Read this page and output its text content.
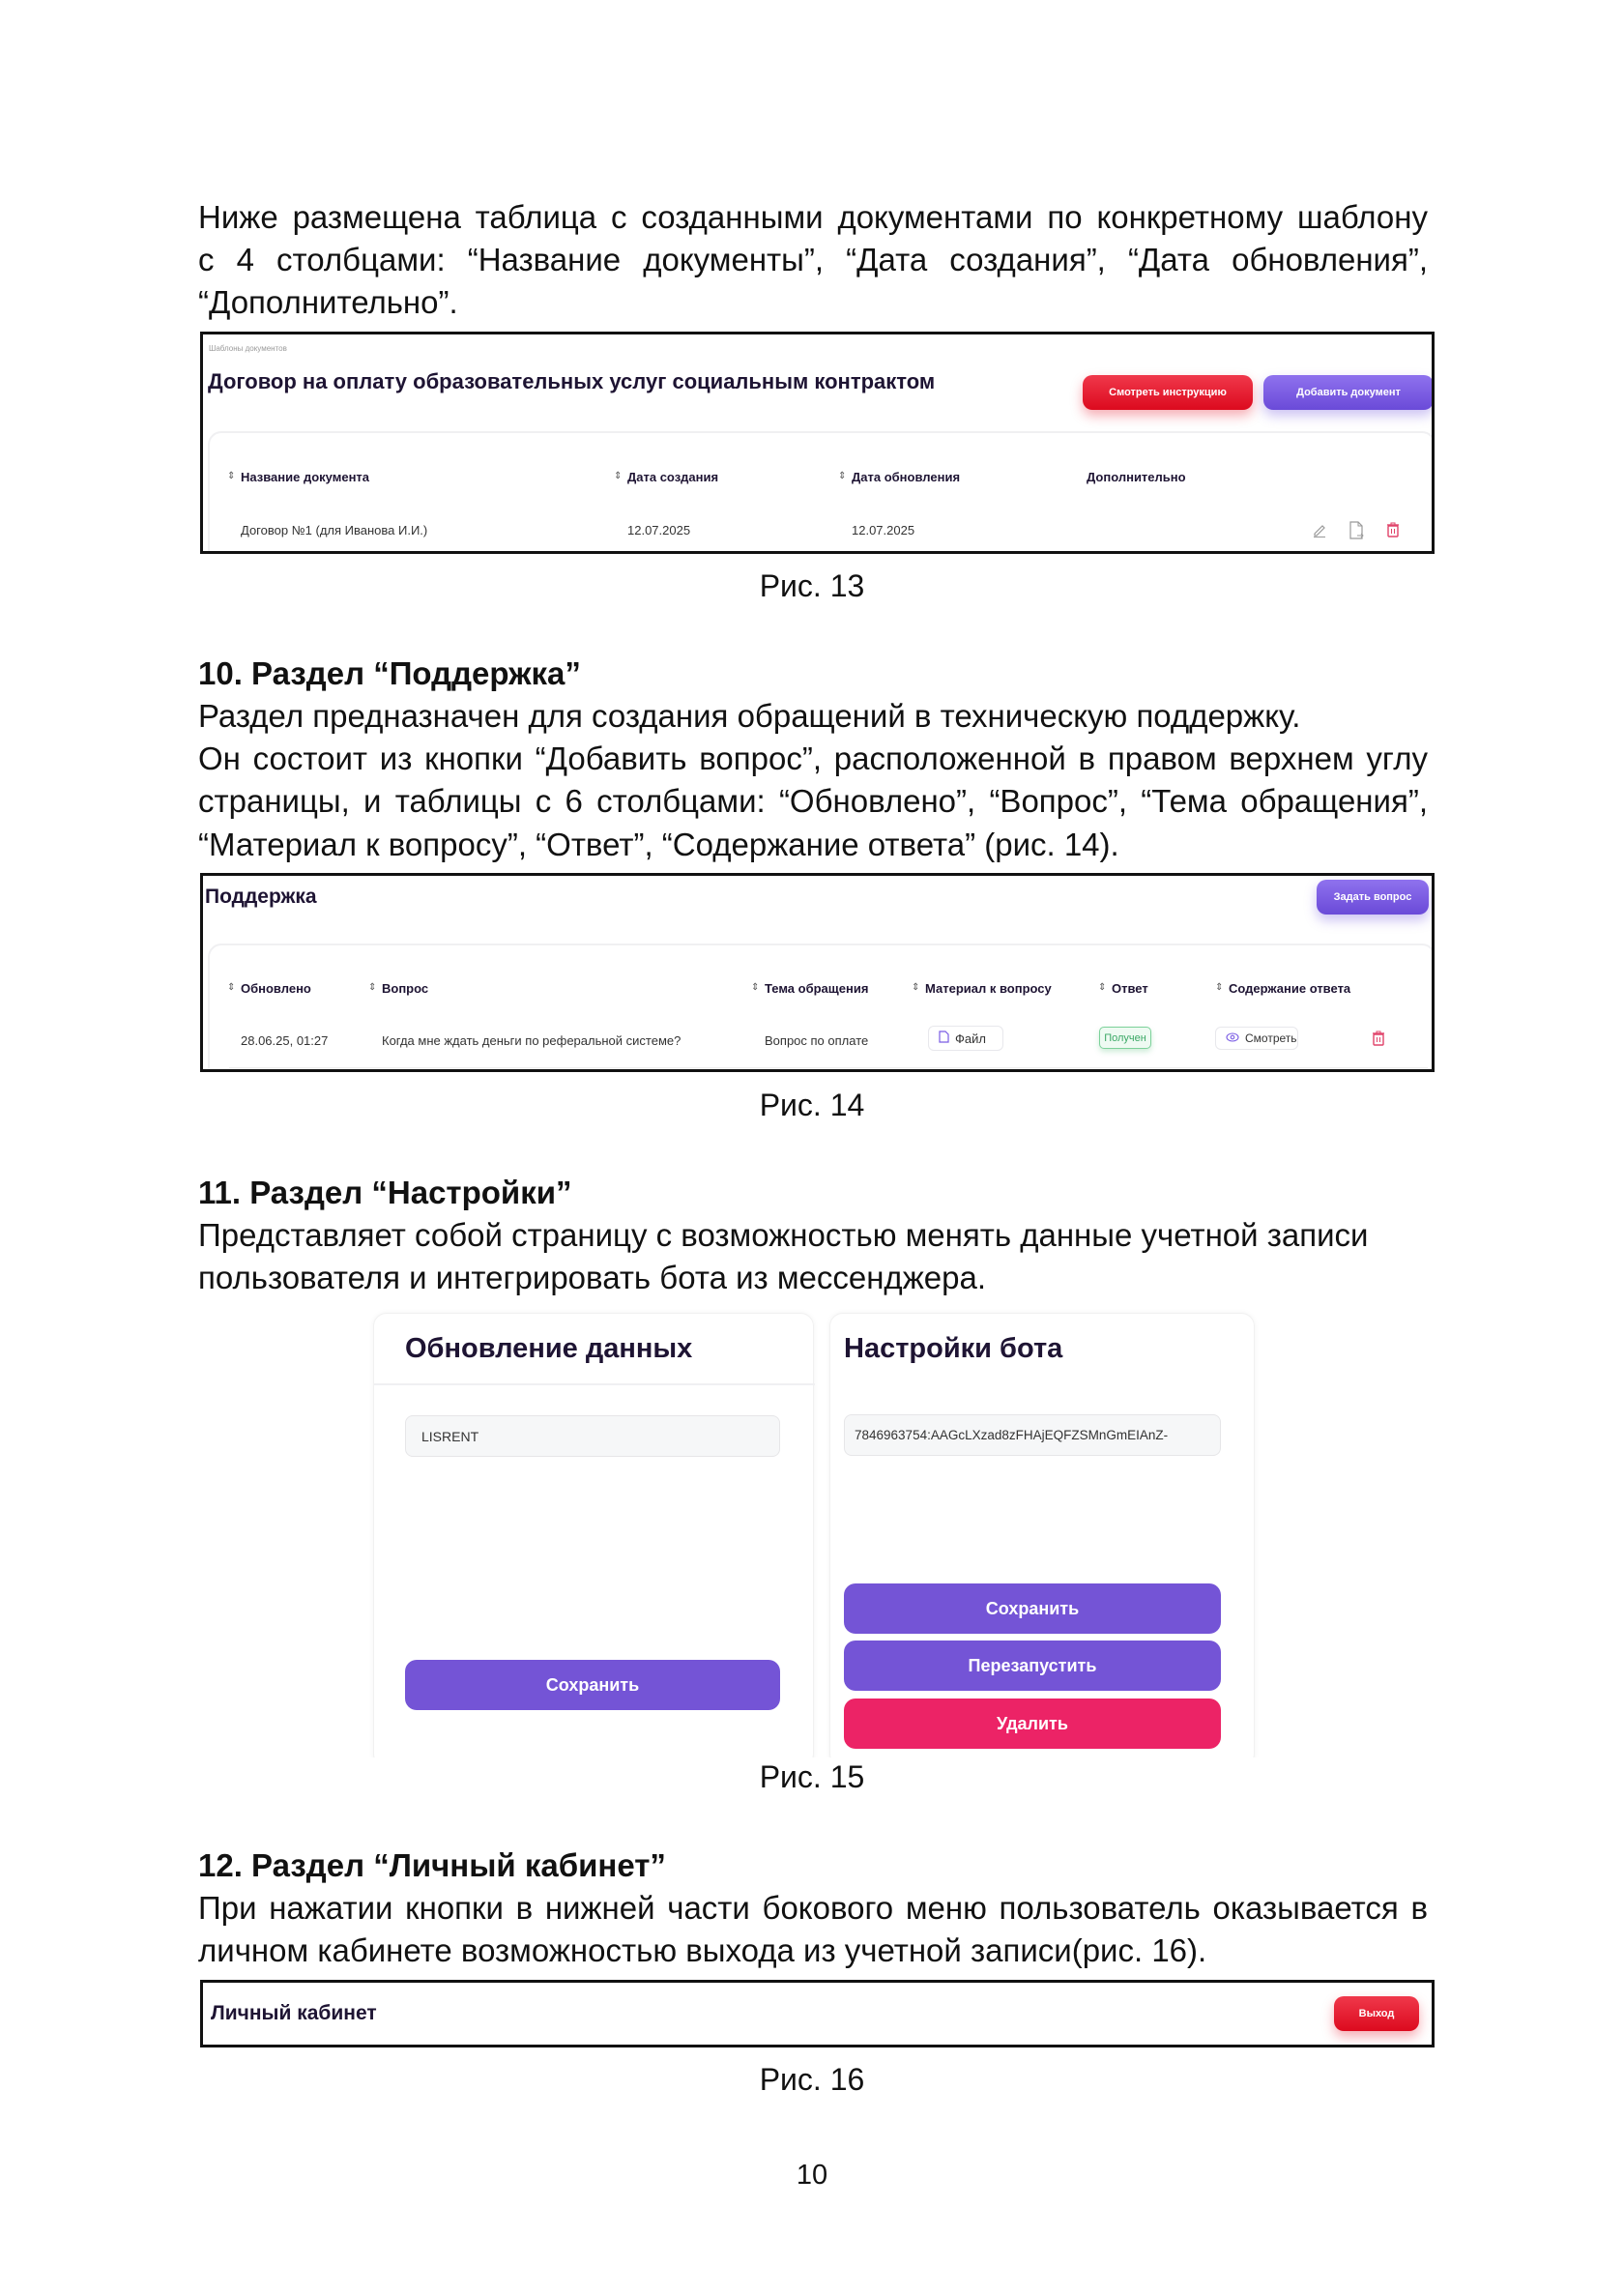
Ниже размещена таблица с созданными документами по конкретному шаблону
с 4 столбцами: “Название документы”, “Дата создания”, “Дата обновления”,
“Дополнительно”.
Шаблоны документов
Договор на оплату образовательных услуг социальным контрактом	Смотреть инструкцию	Добавить документ
⇕ Название документа	⇕ Дата создания	⇕ Дата обновления	Дополнительно
Договор №1 (для Иванова И.И.)	12.07.2025	12.07.2025
Рис. 13
10. Раздел “Поддержка”
Раздел предназначен для создания обращений в техническую поддержку.
Он состоит из кнопки “Добавить вопрос”, расположенной в правом верхнем углу
страницы, и таблицы с 6 столбцами: “Обновлено”, “Вопрос”, “Тема обращения”,
“Материал к вопросу”, “Ответ”, “Содержание ответа” (рис. 14).
Поддержка	Задать вопрос
⇕ Обновлено	⇕ Вопрос	⇕ Тема обращения	⇕ Материал к вопросу	⇕ Ответ	⇕ Содержание ответа
28.06.25, 01:27	Когда мне ждать деньги по реферальной системе?	Вопрос по оплате	Файл	Получен	Смотреть
Рис. 14
11. Раздел “Настройки”
Представляет собой страницу с возможностью менять данные учетной записи
пользователя и интегрировать бота из мессенджера.
Обновление данных
LISRENT
Сохранить
Настройки бота
7846963754:AAGcLXzad8zFHAjEQFZSMnGmEIAnZ-
Сохранить
Перезапустить
Удалить
Рис. 15
12. Раздел “Личный кабинет”
При нажатии кнопки в нижней части бокового меню пользователь оказывается в
личном кабинете возможностью выхода из учетной записи(рис. 16).
Личный кабинет	Выход
Рис. 16
10
